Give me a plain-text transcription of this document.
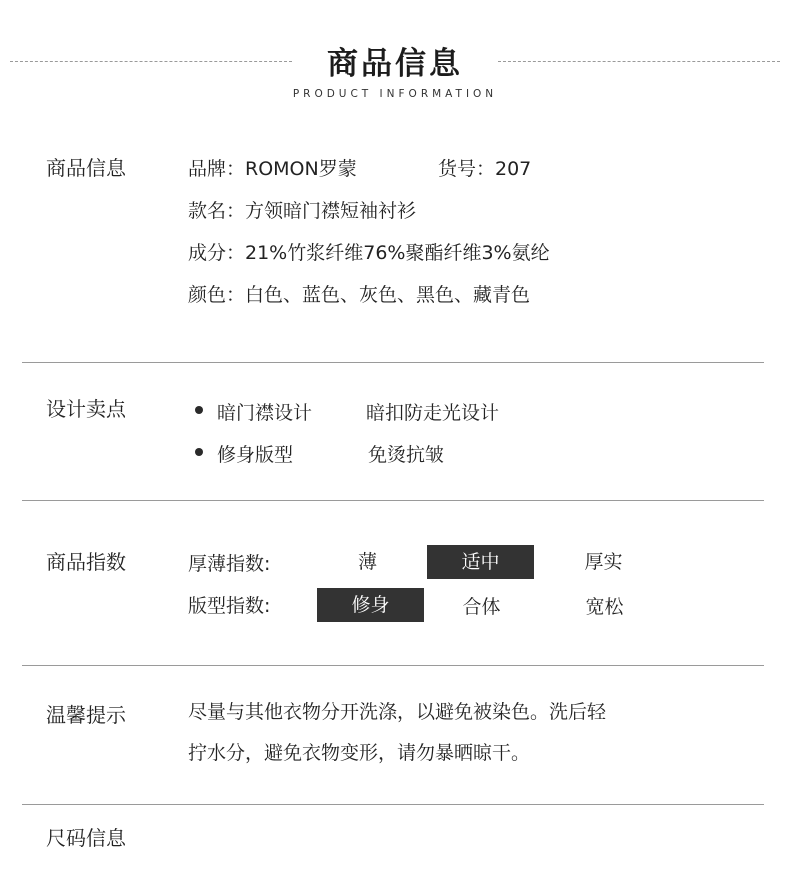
商品信息
PRODUCT INFORMATION
商品信息	品牌：ROMON罗蒙	货号：207
款名：方领暗门襟短袖衬衫
成分：21%竹浆纤维76%聚酯纤维3%氨纶
颜色：白色、蓝色、灰色、黑色、藏青色
设计卖点	暗门襟设计	暗扣防走光设计
修身版型	免烫抗皱
商品指数	厚薄指数:	薄	适中	厚实
版型指数:	修身	合体	宽松
温馨提示	尽量与其他衣物分开洗涤，以避免被染色。洗后轻
拧水分，避免衣物变形，请勿暴晒晾干。
尺码信息
